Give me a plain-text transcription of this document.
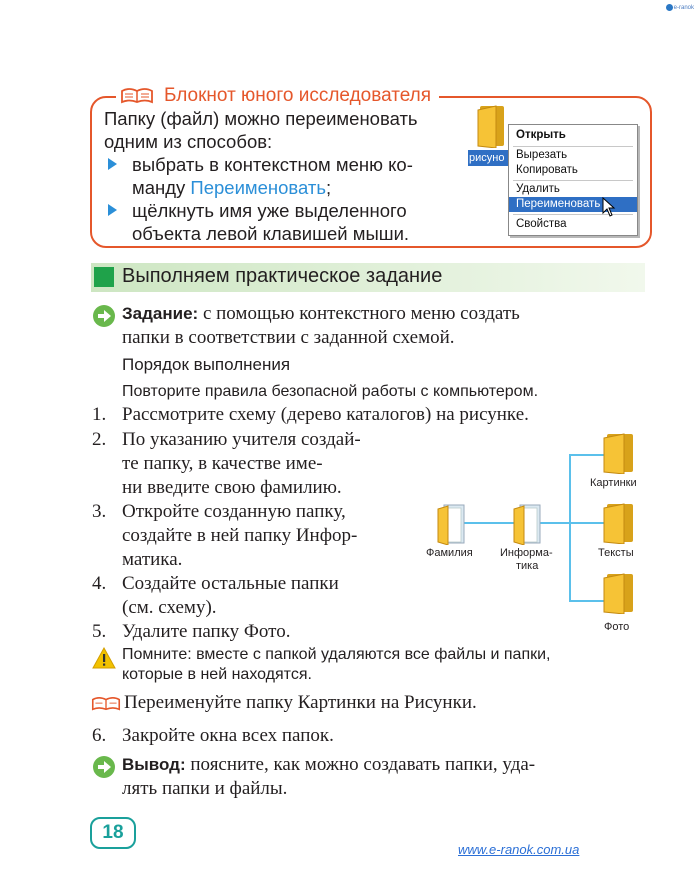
e-ranok
Блокнот юного исследователя
Папку (файл) можно переименовать
одним из способов:
выбрать в контекстном меню ко-
манду Переименовать;
щёлкнуть имя уже выделенного
объекта левой клавишей мыши.
рисуно
Открыть
Вырезать
Копировать
Удалить
Переименовать
Свойства
Выполняем практическое задание
Задание: с помощью контекстного меню создать
папки в соответствии с заданной схемой.
Порядок выполнения
Повторите правила безопасной работы с компьютером.
1. Рассмотрите схему (дерево каталогов) на рисунке.
2. По указанию учителя создай-
те папку, в качестве име-
ни введите свою фамилию.
3. Откройте созданную папку,
создайте в ней папку Инфор-
матика.
4. Создайте остальные папки
(см. схему).
5. Удалите папку Фото.
Фамилия Информа-
тика
Картинки
Тексты
Фото
Помните: вместе с папкой удаляются все файлы и папки,
которые в ней находятся.
Переименуйте папку Картинки на Рисунки.
6. Закройте окна всех папок.
Вывод: поясните, как можно создавать папки, уда-
лять папки и файлы.
18
www.e-ranok.com.ua
